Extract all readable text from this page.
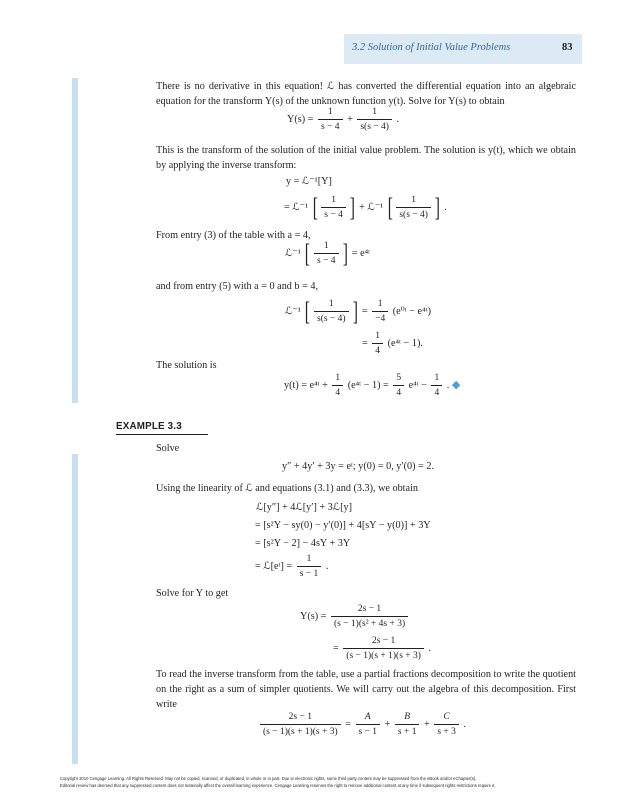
3.2 Solution of Initial Value Problems	83
There is no derivative in this equation! ℒ has converted the differential equation into an algebraic equation for the transform Y(s) of the unknown function y(t). Solve for Y(s) to obtain
$Y(s) = \frac{1}{s - 4} + \frac{1}{s(s - 4)}$ .
This is the transform of the solution of the initial value problem. The solution is y(t), which we obtain by applying the inverse transform:
y = ℒ⁻¹[Y]
= ℒ⁻¹ [ $\frac{1}{s - 4}$ ] + ℒ⁻¹ [ $\frac{1}{s(s - 4)}$ ] .
From entry (3) of the table with a = 4,
ℒ⁻¹ [ $\frac{1}{s - 4}$ ] = e⁴ᵗ
and from entry (5) with a = 0 and b = 4,
ℒ⁻¹ [ $\frac{1}{s(s - 4)}$ ] = $\frac{1}{-4}$ (e⁰ᵗ − e⁴ᵗ)
= $\frac{1}{4}$ (e⁴ᵗ − 1).
The solution is
y(t) = e⁴ᵗ + $\frac{1}{4}$ (e⁴ᵗ − $1) = \frac{5}{4}$ e⁴ᵗ − $\frac{1}{4}$ . ◆
EXAMPLE 3.3
Solve
y″ + 4y′ + 3y = eᵗ; y(0) = 0, y′(0) = 2.
Using the linearity of ℒ and equations (3.1) and (3.3), we obtain
ℒ[y″] + 4ℒ[y′] + 3ℒ[y]
= [s²Y − sy(0) − y′(0)] + 4[sY − y(0)] + 3Y
= [s²Y − 2] − 4sY + 3Y
= ℒ[eᵗ] = $\frac{1}{s - 1}$ .
Solve for Y to get
$Y(s) = \frac{2s - 1}{\text{(s − 1)(s² + 4s + 3)}}$
= $\frac{2s - 1}{(s - 1)(s + 1)(s + 3)}$ .
To read the inverse transform from the table, use a partial fractions decomposition to write the quotient on the right as a sum of simpler quotients. We will carry out the algebra of this decomposition. First write
$\frac{2s - 1}{(s - 1)(s + 1)(s + 3)} = \frac{A}{s - 1} + \frac{B}{s + 1} + \frac{C}{s + 3}$ .
Copyright 2010 Cengage Learning. All Rights Reserved. May not be copied, scanned, or duplicated, in whole or in part. Due to electronic rights, some third party content may be suppressed from the eBook and/or eChapter(s).
Editorial review has deemed that any suppressed content does not materially affect the overall learning experience. Cengage Learning reserves the right to remove additional content at any time if subsequent rights restrictions require it.
